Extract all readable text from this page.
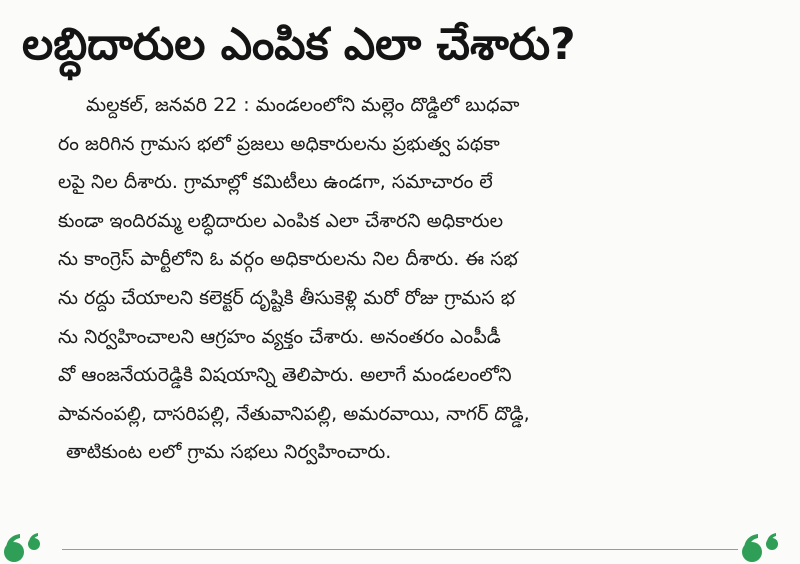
లబ్ధిదారుల ఎంపిక ఎలా చేశారు?
మల్దకల్, జనవరి 22 : మండలంలోని మల్లెం దొడ్డిలో బుధవా
రం జరిగిన గ్రామస భలో ప్రజలు అధికారులను ప్రభుత్వ పథకా
లపై నిల దీశారు. గ్రామాల్లో కమిటీలు ఉండగా, సమాచారం లే
కుండా ఇందిరమ్మ లబ్ధిదారుల ఎంపిక ఎలా చేశారని అధికారుల
ను కాంగ్రెస్ పార్టీలోని ఓ వర్గం అధికారులను నిల దీశారు. ఈ సభ
ను రద్దు చేయాలని కలెక్టర్ దృష్టికి తీసుకెళ్లి మరో రోజు గ్రామస భ
ను నిర్వహించాలని ఆగ్రహం వ్యక్తం చేశారు. అనంతరం ఎంపీడీ
వో ఆంజనేయరెడ్డికి విషయాన్ని తెలిపారు. అలాగే మండలంలోని
పావనంపల్లి, దాసరిపల్లి, నేతువానిపల్లి, అమరవాయి, నాగర్ దొడ్డి,
తాటికుంట లలో గ్రామ సభలు నిర్వహించారు.
